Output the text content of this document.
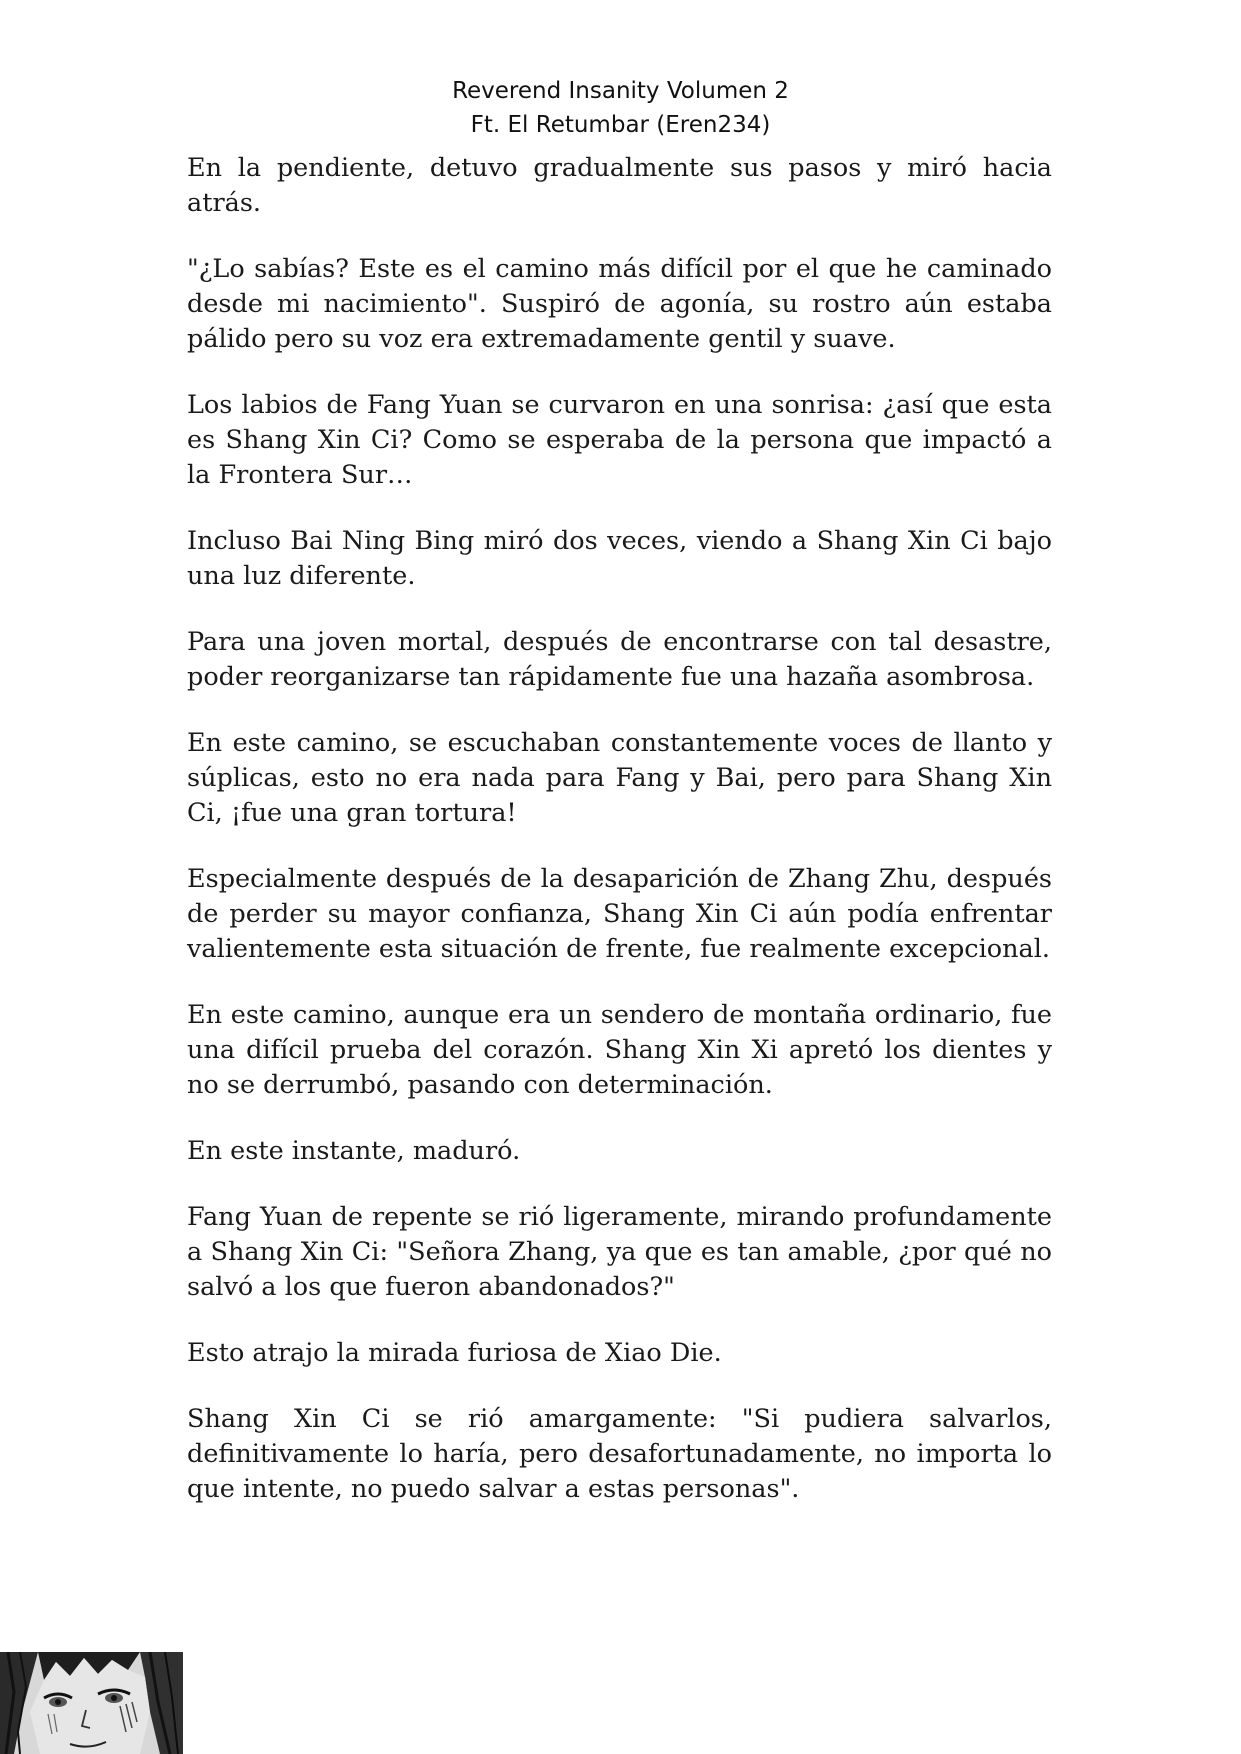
Reverend Insanity Volumen 2
Ft. El Retumbar (Eren234)

En la pendiente, detuvo gradualmente sus pasos y miró hacia atrás.

"¿Lo sabías? Este es el camino más difícil por el que he caminado desde mi nacimiento". Suspiró de agonía, su rostro aún estaba pálido pero su voz era extremadamente gentil y suave.

Los labios de Fang Yuan se curvaron en una sonrisa: ¿así que esta es Shang Xin Ci? Como se esperaba de la persona que impactó a la Frontera Sur…

Incluso Bai Ning Bing miró dos veces, viendo a Shang Xin Ci bajo una luz diferente.

Para una joven mortal, después de encontrarse con tal desastre, poder reorganizarse tan rápidamente fue una hazaña asombrosa.

En este camino, se escuchaban constantemente voces de llanto y súplicas, esto no era nada para Fang y Bai, pero para Shang Xin Ci, ¡fue una gran tortura!

Especialmente después de la desaparición de Zhang Zhu, después de perder su mayor confianza, Shang Xin Ci aún podía enfrentar valientemente esta situación de frente, fue realmente excepcional.

En este camino, aunque era un sendero de montaña ordinario, fue una difícil prueba del corazón. Shang Xin Xi apretó los dientes y no se derrumbó, pasando con determinación.

En este instante, maduró.

Fang Yuan de repente se rió ligeramente, mirando profundamente a Shang Xin Ci: "Señora Zhang, ya que es tan amable, ¿por qué no salvó a los que fueron abandonados?"

Esto atrajo la mirada furiosa de Xiao Die.

Shang Xin Ci se rió amargamente: "Si pudiera salvarlos, definitivamente lo haría, pero desafortunadamente, no importa lo que intente, no puedo salvar a estas personas".
